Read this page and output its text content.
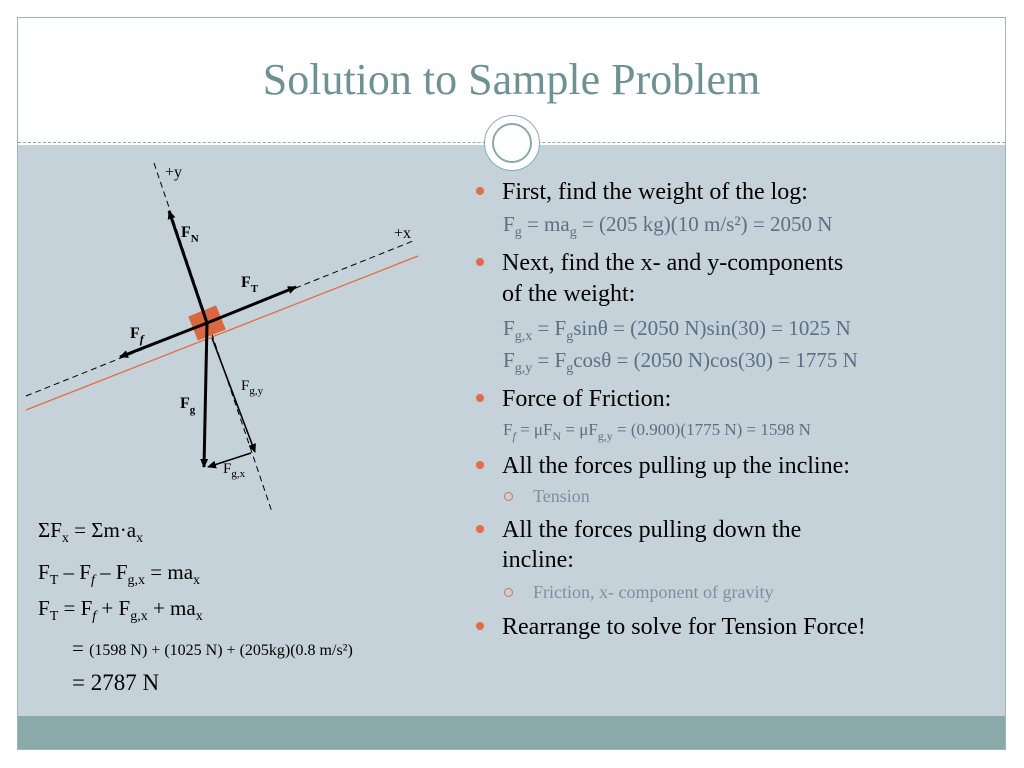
Solution to Sample Problem
+y
+x
$F_N$
$F_T$
$F_f$
$F_g$
$F_{g,y}$
$F_{g,x}$
$\Sigma F_x = \Sigma m\cdot a_x$
$F_T - F_f - F_{g,x} = ma_x$
$F_T = F_f + F_{g,x} + ma_x$
= (1598 N) + (1025 N) + (205kg)(0.8 m/s²)
= 2787 N
First, find the weight of the log:
$F_g = ma_g = (205$ kg)(10 m/s²) = 2050 N
Next, find the x- and y-components
of the weight:
$F_{g,x} = F_g\sin\theta = (2050$ N)sin(30) = 1025 N
$F_{g,y} = F_g\cos\theta = (2050$ N)cos(30) = 1775 N
Force of Friction:
$F_f = \mu F_N = \mu F_{g,y} = (0.900)(1775$ N) = 1598 N
All the forces pulling up the incline:
Tension
All the forces pulling down the
incline:
Friction, x- component of gravity
Rearrange to solve for Tension Force!
